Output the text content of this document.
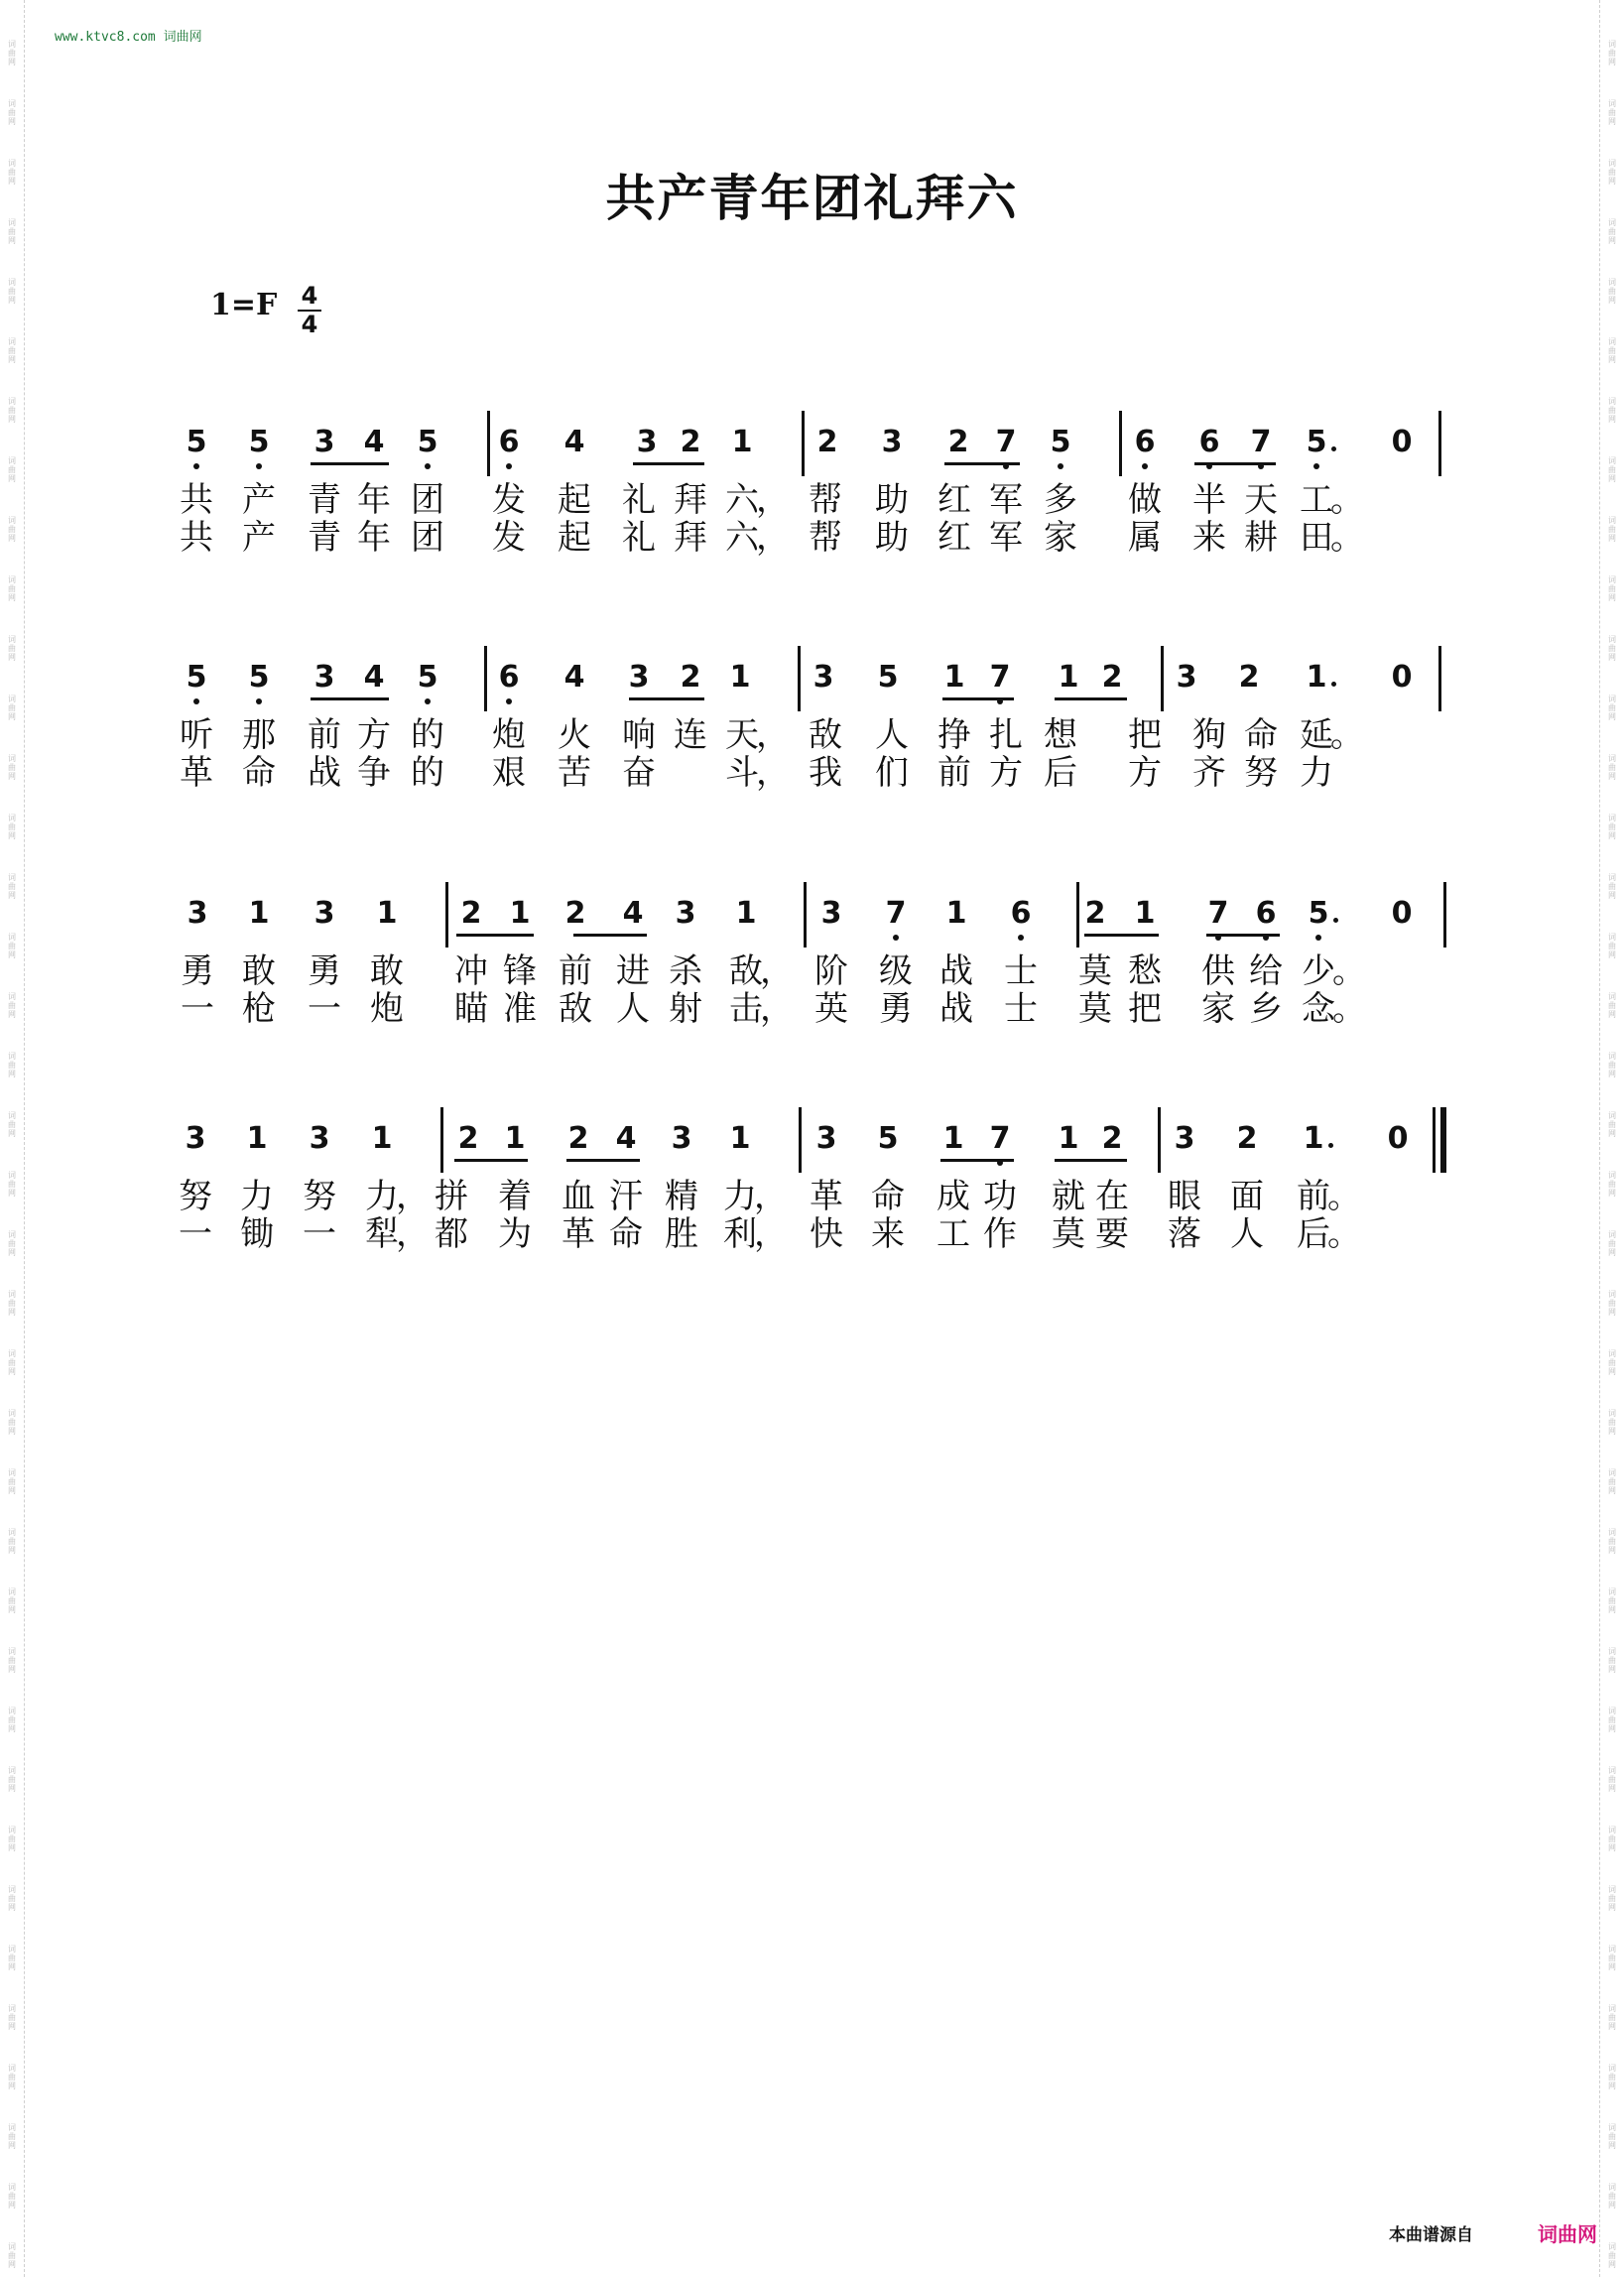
词
曲
网
词
曲
网
词
曲
网
词
曲
网
词
曲
网
词
曲
网
词
曲
网
词
曲
网
词
曲
网
词
曲
网
词
曲
网
词
曲
网
词
曲
网
词
曲
网
词
曲
网
词
曲
网
词
曲
网
词
曲
网
词
曲
网
词
曲
网
词
曲
网
词
曲
网
词
曲
网
词
曲
网
词
曲
网
词
曲
网
词
曲
网
词
曲
网
词
曲
网
词
曲
网
词
曲
网
词
曲
网
词
曲
网
词
曲
网
词
曲
网
词
曲
网
词
曲
网
词
曲
网
词
曲
网
词
曲
网
词
曲
网
词
曲
网
词
曲
网
词
曲
网
词
曲
网
词
曲
网
词
曲
网
词
曲
网
词
曲
网
词
曲
网
词
曲
网
词
曲
网
词
曲
网
词
曲
网
词
曲
网
词
曲
网
词
曲
网
词
曲
网
词
曲
网
词
曲
网
词
曲
网
词
曲
网
词
曲
网
词
曲
网
词
曲
网
词
曲
网
词
曲
网
词
曲
网
词
曲
网
词
曲
网
词
曲
网
词
曲
网
词
曲
网
词
曲
网
词
曲
网
词
曲
网
www.ktvc8.com 词曲网
共产青年团礼拜六
1=F 4
4
5	5	3 4	5	6	4	3 2	1	2	3	2 7	5	6	6	7	5	0
共 产 青 年 团	发 起 礼 拜 六
， 帮 助 红 军 多	做 半 天 工
。
共 产 青 年 团	发 起 礼 拜 六
， 帮 助 红 军 家	属 来 耕 田
。
5	5	3 4	5	6	4	3	2 1	3	5	1 7	1 2	3	2	1	0
听 那 前 方 的	炮 火 响 连 天
， 敌 人 挣 扎 想	把 狗 命 延
。
革 命 战 争 的	艰 苦 奋	斗
， 我 们 前 方 后	方 齐 努 力
3	1	3	1	2 1	2	4	3	1	3	7	1	6	2 1	7 6	5	0
勇 敢 勇 敢	冲 锋 前 进 杀 敌
， 阶 级 战 士	莫 愁	供 给 少
。
一 枪 一 炮	瞄 准 敌 人 射 击
， 英 勇 战 士	莫 把	家 乡 念
。
3	1	3	1	2 1	2 4	3	1	3	5	1 7	1 2	3	2	1	0
努 力 努 力
， 拼 着 血 汗 精 力
， 革 命 成 功	就 在	眼 面 前
。
一 锄 一 犁
， 都 为 革 命 胜 利
， 快 来 工 作	莫 要	落 人 后
。
本曲谱源自	词曲网
